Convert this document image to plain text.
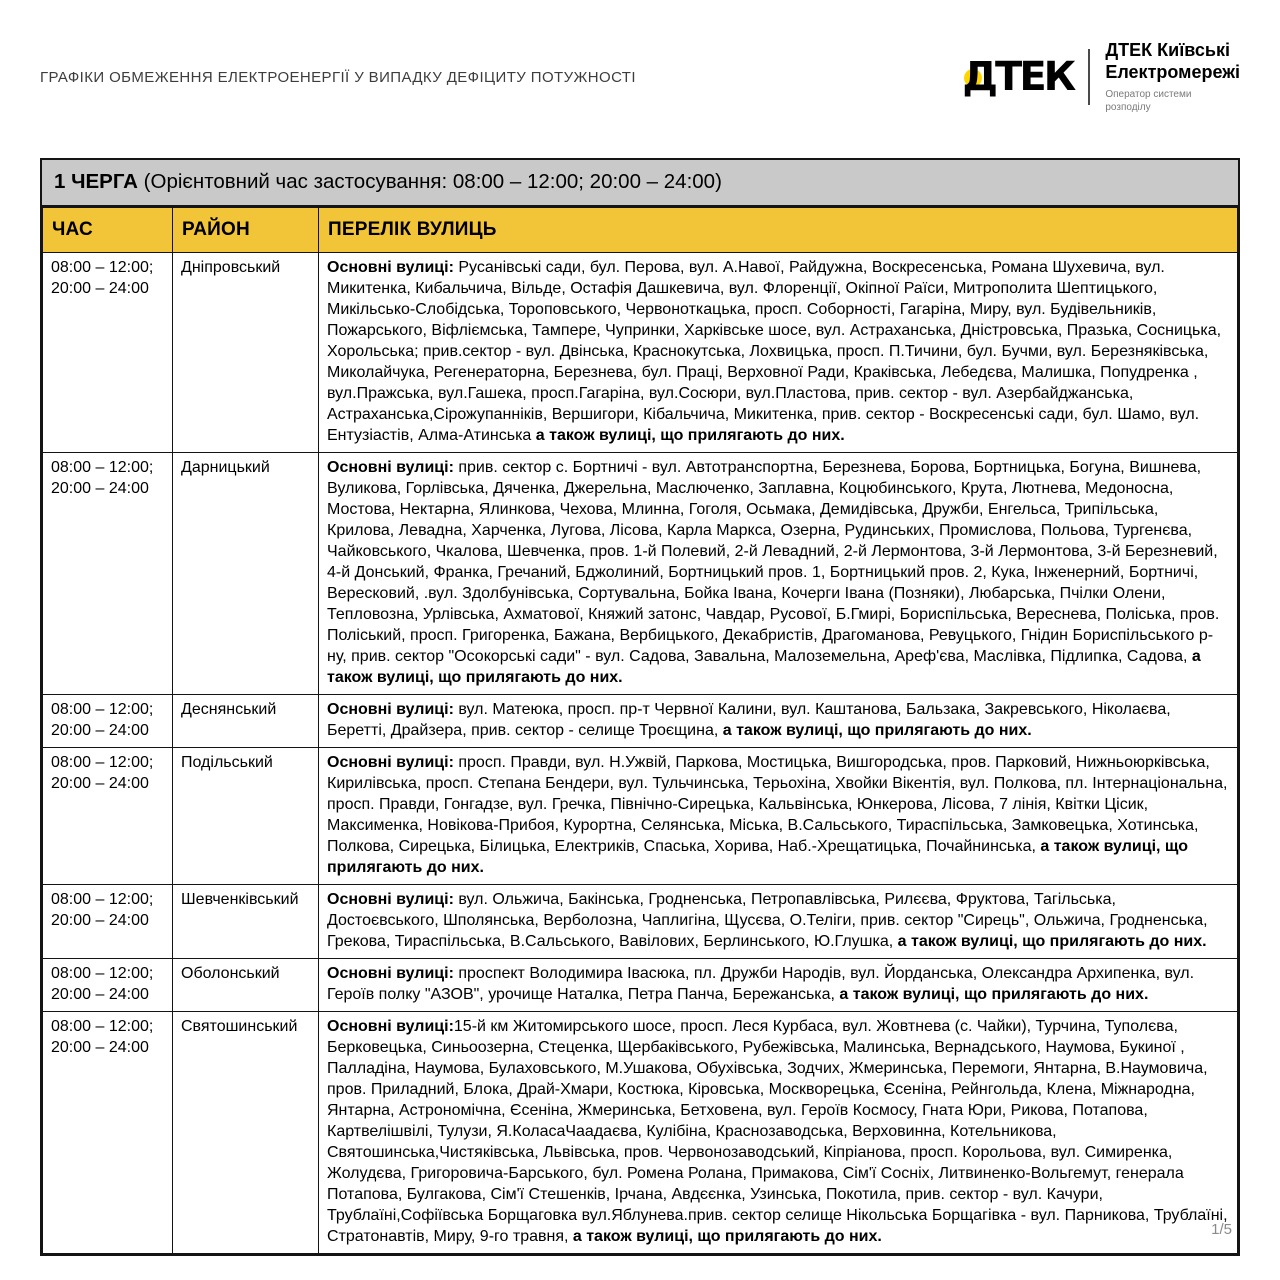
ГРАФІКИ ОБМЕЖЕННЯ ЕЛЕКТРОЕНЕРГІЇ У ВИПАДКУ ДЕФІЦИТУ ПОТУЖНОСТІ	ДТЕК
ДТЕК Київські
Електромережі
Оператор системи розподілу
1 ЧЕРГА (Орієнтовний час застосування: 08:00 – 12:00; 20:00 – 24:00)
ЧАС	РАЙОН	ПЕРЕЛІК ВУЛИЦЬ

08:00 – 12:00;
20:00 – 24:00	Дніпровський	Основні вулиці: Русанівські сади, бул. Перова, вул. А.Навої, Райдужна, Воскресенська, Романа Шухевича, вул. Микитенка, Кибальчича, Вільде, Остафія Дашкевича, вул. Флоренції, Окіпної Раїси, Митрополита Шептицького, Микільсько-Слобідська, Тороповського, Червоноткацька, просп. Соборності, Гагаріна, Миру, вул. Будівельників, Пожарського, Віфліємська, Тампере, Чупринки, Харківське шосе, вул. Астраханська, Дністровська, Празька, Сосницька, Хорольська; прив.сектор - вул. Двінська, Краснокутська, Лохвицька, просп. П.Тичини, бул. Бучми, вул. Березняківська, Миколайчука, Регенераторна, Березнева, бул. Праці, Верховної Ради, Краківська, Лебедєва, Малишка, Попудренка , вул.Пражська, вул.Гашека, просп.Гагаріна, вул.Сосюри, вул.Пластова, прив. сектор - вул. Азербайджанська, Астраханська,Сірожупанніків, Вершигори, Кібальчича, Микитенка, прив. сектор - Воскресенські сади, бул. Шамо, вул. Ентузіастів, Алма-Атинська а також вулиці, що прилягають до них.

08:00 – 12:00;
20:00 – 24:00	Дарницький	Основні вулиці: прив. сектор с. Бортничі - вул. Автотранспортна, Березнева, Борова, Бортницька, Богуна, Вишнева, Вуликова, Горлівська, Дяченка, Джерельна, Маслюченко, Заплавна, Коцюбинського, Крута, Лютнева, Медоносна, Мостова, Нектарна, Ялинкова, Чехова, Млинна, Гоголя, Осьмака, Демидівська, Дружби, Енгельса, Трипільська, Крилова, Левадна, Харченка, Лугова, Лісова, Карла Маркса, Озерна, Рудинських, Промислова, Польова, Тургенєва, Чайковського, Чкалова, Шевченка, пров. 1-й Полевий, 2-й Левадний, 2-й Лермонтова, 3-й Лермонтова, 3-й Березневий, 4-й Донський, Франка, Гречаний, Бджолиний, Бортницький пров. 1, Бортницький пров. 2, Кука, Інженерний, Бортничі, Вересковий, .вул. Здолбунівська, Сортувальна, Бойка Івана, Кочерги Івана (Позняки), Любарська, Пчілки Олени, Тепловозна, Урлівська, Ахматової, Княжий затонс, Чавдар, Русової, Б.Гмирі, Бориспільська, Вереснева, Поліська, пров. Поліський, просп. Григоренка, Бажана, Вербицького, Декабристів, Драгоманова, Ревуцького, Гнідин Бориспільського р-ну, прив. сектор "Осокорські сади" - вул. Садова, Завальна, Малоземельна, Ареф'єва, Маслівка, Підлипка, Садова, а також вулиці, що прилягають до них.

08:00 – 12:00;
20:00 – 24:00	Деснянський	Основні вулиці: вул. Матеюка, просп. пр-т Червної Калини, вул. Каштанова, Бальзака, Закревського, Ніколаєва, Беретті, Драйзера, прив. сектор - селище Троєщина, а також вулиці, що прилягають до них.

08:00 – 12:00;
20:00 – 24:00	Подільський	Основні вулиці: просп. Правди, вул. Н.Ужвій, Паркова, Мостицька, Вишгородська, пров. Парковий, Нижньоюрківська, Кирилівська, просп. Степана Бендери, вул. Тульчинська, Терьохіна, Хвойки Вікентія, вул. Полкова, пл. Інтернаціональна, просп. Правди, Гонгадзе, вул. Гречка, Північно-Сирецька, Кальвінська, Юнкерова, Лісова, 7 лінія, Квітки Цісик, Максименка, Новікова-Прибоя, Курортна, Селянська, Міська, В.Сальського, Тираспільська, Замковецька, Хотинська, Полкова, Сирецька, Білицька, Електриків, Спаська, Хорива, Наб.-Хрещатицька, Почайнинська, а також вулиці, що прилягають до них.

08:00 – 12:00;
20:00 – 24:00	Шевченківський	Основні вулиці: вул. Ольжича, Бакінська, Гродненська, Петропавлівська, Рилєєва, Фруктова, Тагільська, Достоєвського, Шполянська, Верболозна, Чаплигіна, Щусєва, О.Теліги, прив. сектор "Сирець", Ольжича, Гродненська, Грекова, Тираспільська, В.Сальського, Вавілових, Берлинського, Ю.Глушка, а також вулиці, що прилягають до них.

08:00 – 12:00;
20:00 – 24:00	Оболонський	Основні вулиці: проспект Володимира Івасюка, пл. Дружби Народів, вул. Йорданська, Олександра Архипенка, вул. Героїв полку "АЗОВ", урочище Наталка, Петра Панча, Бережанська, а також вулиці, що прилягають до них.

08:00 – 12:00;
20:00 – 24:00	Святошинський	Основні вулиці:15-й км Житомирського шосе, просп. Леся Курбаса, вул. Жовтнева (с. Чайки), Турчина, Туполєва, Берковецька, Синьоозерна, Стеценка, Щербаківського, Рубежівська, Малинська, Вернадського, Наумова, Букиної , Палладіна, Наумова, Булаховського, М.Ушакова, Обухівська, Зодчих, Жмеринська, Перемоги, Янтарна, В.Наумовича, пров. Приладний, Блока, Драй-Хмари, Костюка, Кіровська, Москворецька, Єсеніна, Рейнгольда, Клена, Міжнародна, Янтарна, Астрономічна, Єсеніна, Жмеринська, Бетховена, вул. Героїв Космосу, Гната Юри, Рикова, Потапова, Картвелішвілі, Тулузи, Я.КоласаЧаадаєва, Кулібіна, Краснозаводська, Верховинна, Котельникова, Святошинська,Чистяківська, Львівська, пров. Червонозаводський, Кіпріанова, просп. Корольова, вул. Симиренка, Жолудєва, Григоровича-Барського, бул. Ромена Ролана, Примакова, Сім'ї Сосніх, Литвиненко-Вольгемут, генерала Потапова, Булгакова, Сім'ї Стешенків, Ірчана, Авдєєнка, Узинська, Покотила, прив. сектор - вул. Качури, Трублаїні,Софіївська Борщаговка вул.Яблунева.прив. сектор селище Нікольська Борщагівка - вул. Парникова, Трублаїні, Стратонавтів, Миру, 9-го травня, а також вулиці, що прилягають до них.	1/5
